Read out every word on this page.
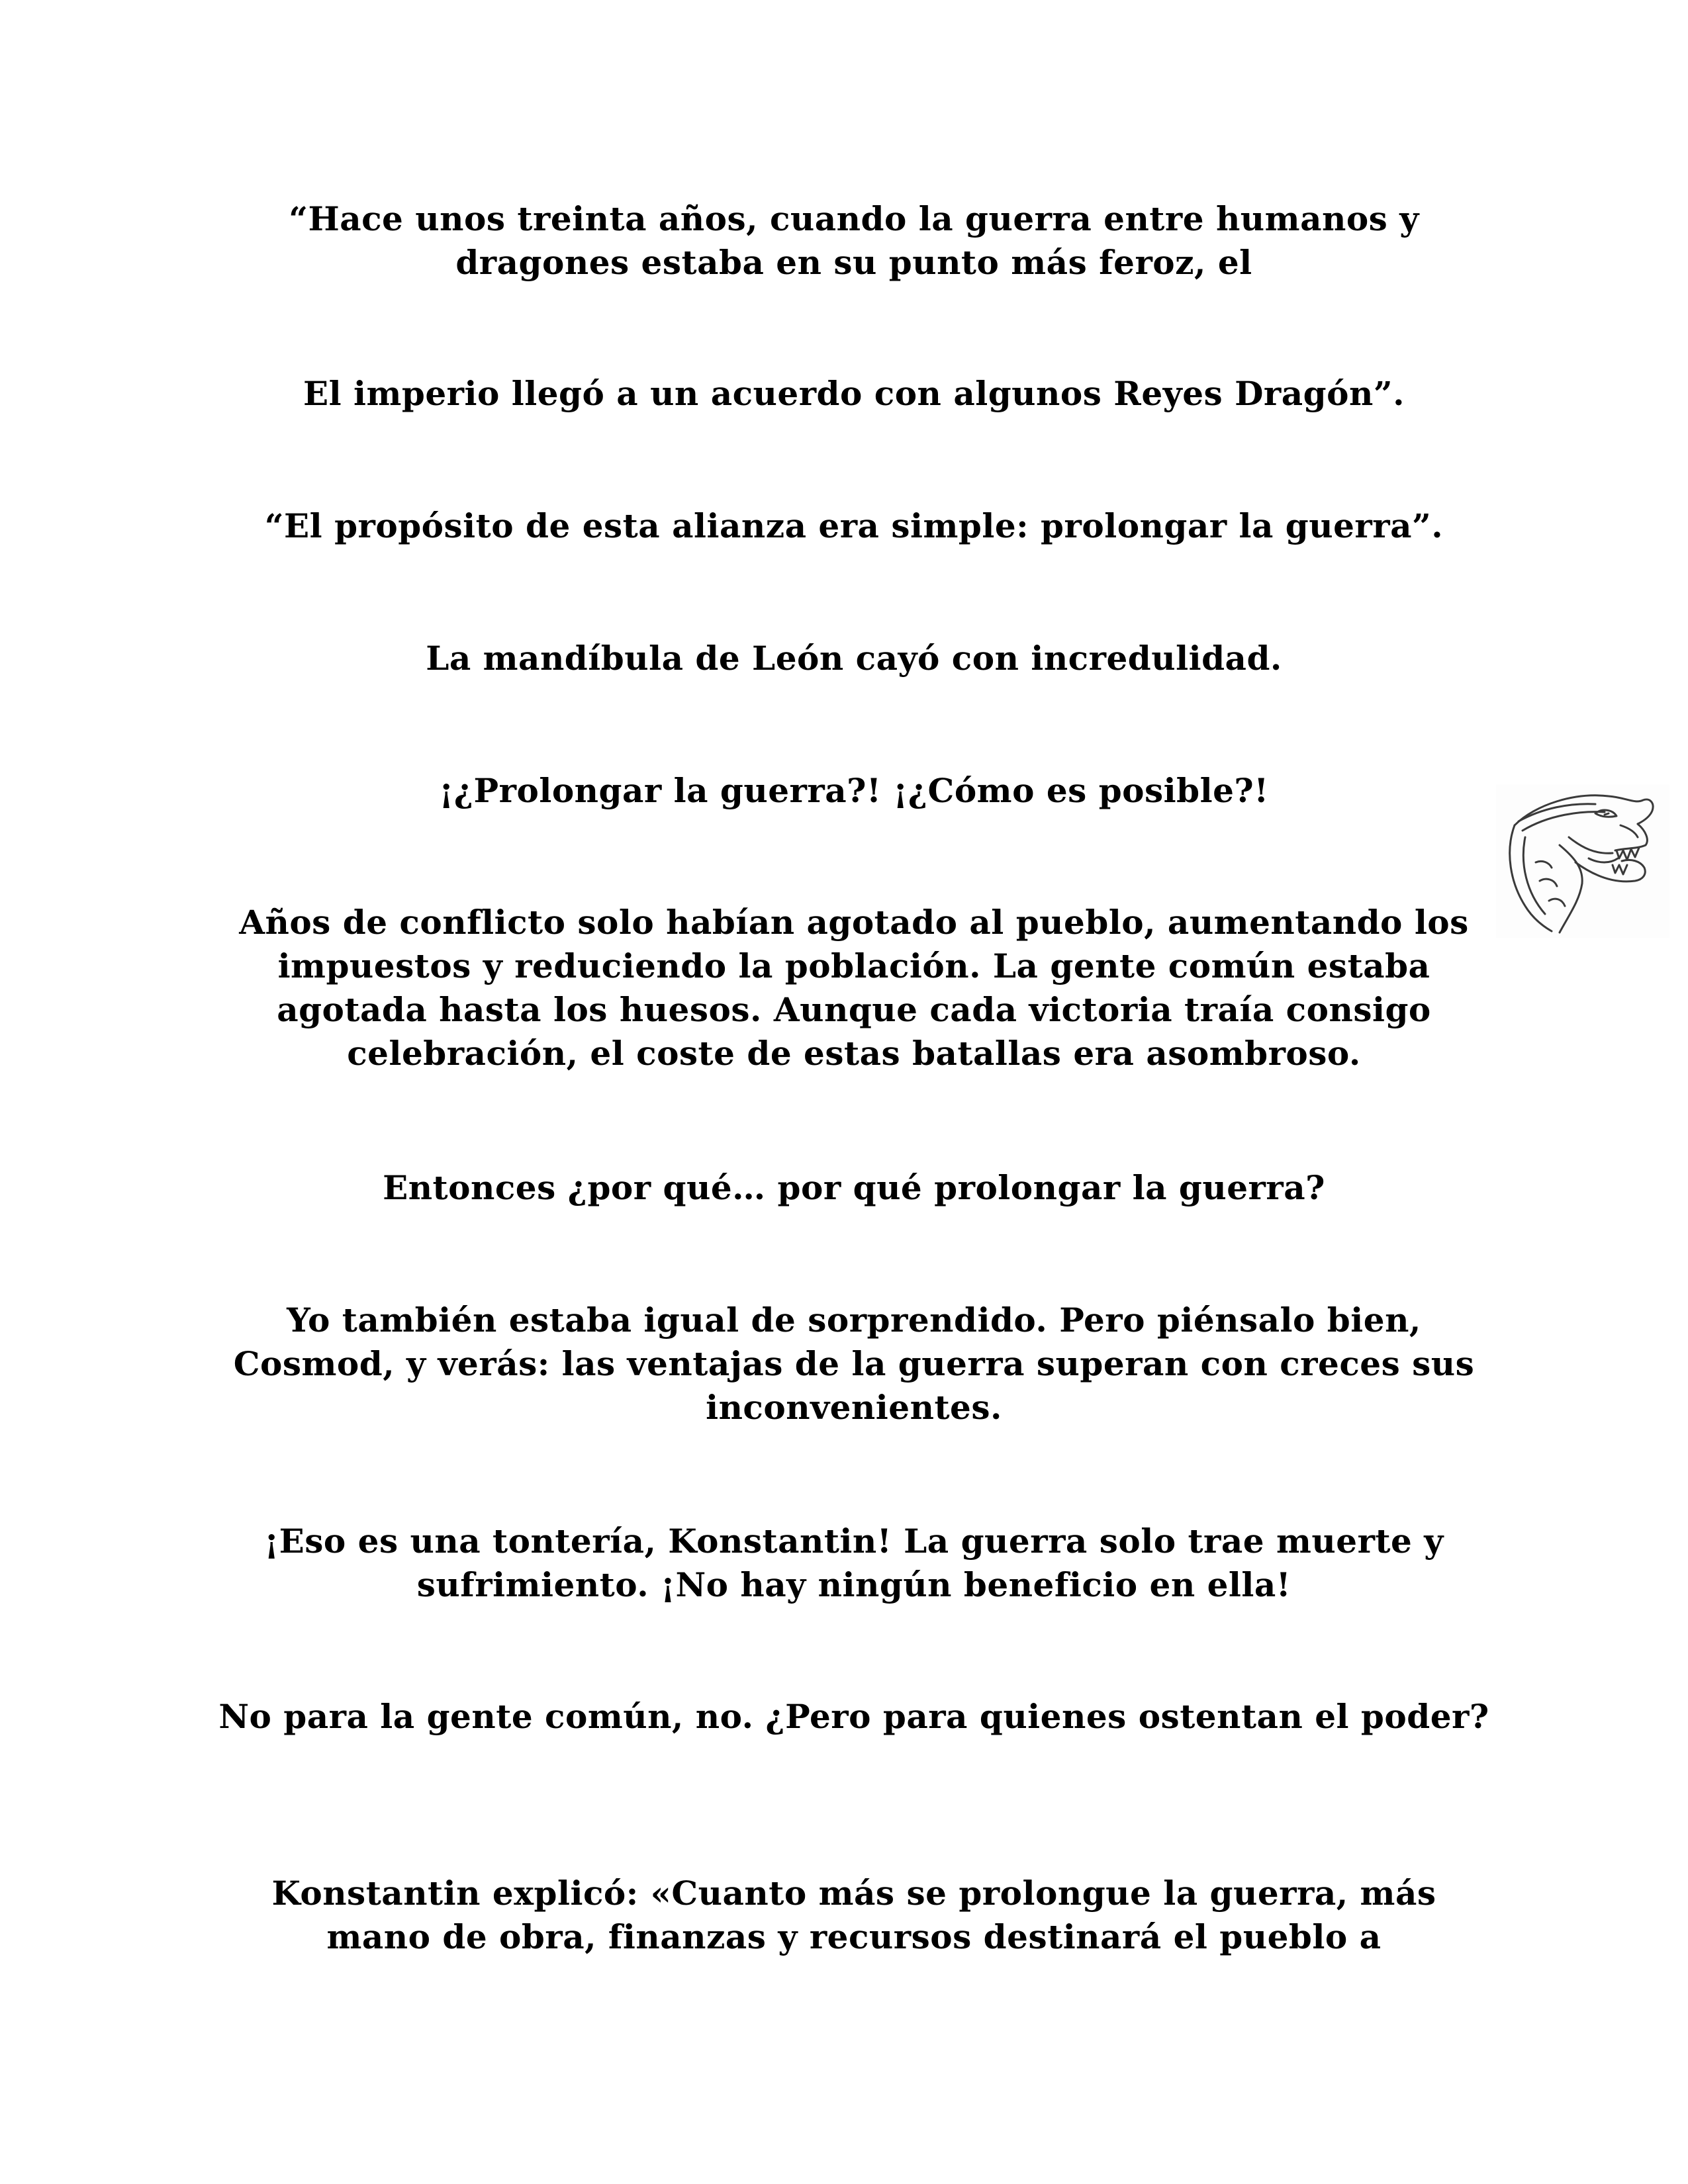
“Hace unos treinta años, cuando la guerra entre humanos y dragones estaba en su punto más feroz, el

El imperio llegó a un acuerdo con algunos Reyes Dragón”.

“El propósito de esta alianza era simple: prolongar la guerra”.

La mandíbula de León cayó con incredulidad.

¡¿Prolongar la guerra?! ¡¿Cómo es posible?!

Años de conflicto solo habían agotado al pueblo, aumentando los impuestos y reduciendo la población. La gente común estaba agotada hasta los huesos. Aunque cada victoria traía consigo celebración, el coste de estas batallas era asombroso.

Entonces ¿por qué… por qué prolongar la guerra?

Yo también estaba igual de sorprendido. Pero piénsalo bien, Cosmod, y verás: las ventajas de la guerra superan con creces sus inconvenientes.

¡Eso es una tontería, Konstantin! La guerra solo trae muerte y sufrimiento. ¡No hay ningún beneficio en ella!

No para la gente común, no. ¿Pero para quienes ostentan el poder?

Konstantin explicó: «Cuanto más se prolongue la guerra, más mano de obra, finanzas y recursos destinará el pueblo a
